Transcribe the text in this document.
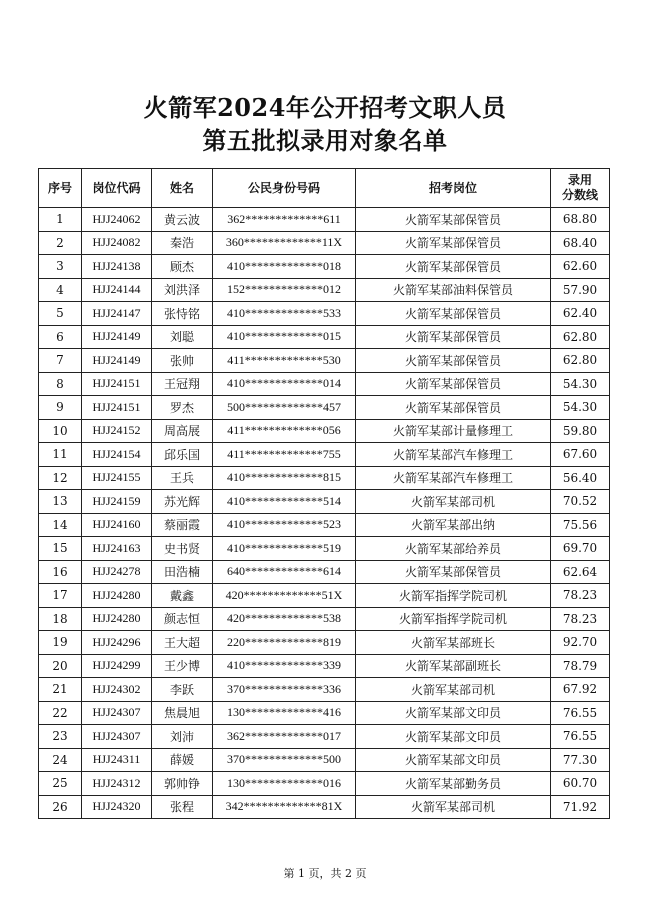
火箭军2024年公开招考文职人员
第五批拟录用对象名单
序号	岗位代码	姓名	公民身份号码	招考岗位	录用
分数线

1	HJJ24062	黄云波	362*************611	火箭军某部保管员	68.80
2	HJJ24082	秦浩	360*************11X	火箭军某部保管员	68.40
3	HJJ24138	顾杰	410*************018	火箭军某部保管员	62.60
4	HJJ24144	刘洪泽	152*************012	火箭军某部油料保管员	57.90
5	HJJ24147	张恃铭	410*************533	火箭军某部保管员	62.40
6	HJJ24149	刘聪	410*************015	火箭军某部保管员	62.80
7	HJJ24149	张帅	411*************530	火箭军某部保管员	62.80
8	HJJ24151	王冠翔	410*************014	火箭军某部保管员	54.30
9	HJJ24151	罗杰	500*************457	火箭军某部保管员	54.30
10	HJJ24152	周高展	411*************056	火箭军某部计量修理工	59.80
11	HJJ24154	邱乐国	411*************755	火箭军某部汽车修理工	67.60
12	HJJ24155	王兵	410*************815	火箭军某部汽车修理工	56.40
13	HJJ24159	苏光辉	410*************514	火箭军某部司机	70.52
14	HJJ24160	蔡丽霞	410*************523	火箭军某部出纳	75.56
15	HJJ24163	史书贤	410*************519	火箭军某部给养员	69.70
16	HJJ24278	田浩楠	640*************614	火箭军某部保管员	62.64
17	HJJ24280	戴鑫	420*************51X	火箭军指挥学院司机	78.23
18	HJJ24280	颜志恒	420*************538	火箭军指挥学院司机	78.23
19	HJJ24296	王大超	220*************819	火箭军某部班长	92.70
20	HJJ24299	王少博	410*************339	火箭军某部副班长	78.79
21	HJJ24302	李跃	370*************336	火箭军某部司机	67.92
22	HJJ24307	焦晨旭	130*************416	火箭军某部文印员	76.55
23	HJJ24307	刘沛	362*************017	火箭军某部文印员	76.55
24	HJJ24311	薛媛	370*************500	火箭军某部文印员	77.30
25	HJJ24312	郭帅铮	130*************016	火箭军某部勤务员	60.70
26	HJJ24320	张程	342*************81X	火箭军某部司机	71.92
第 1 页，共 2 页
